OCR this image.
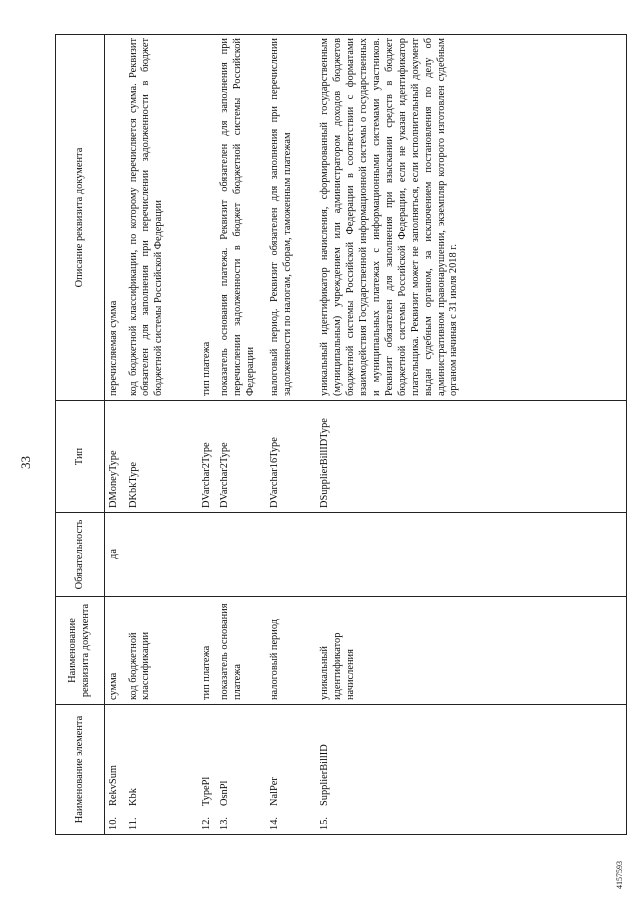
33
Наименование элемента	Наименование реквизита документа	Обязательность	Тип	Описание реквизита документа
10.RekvSum	сумма	да	DMoneyType	перечисляемая сумма
11.Kbk	код бюджетной классификации		DKbkType	код бюджетной классификации, по которому перечисляется сумма. Реквизит обязателен для заполнения при перечислении задолженности в бюджет бюджетной системы Российской Федерации
12.TypePl	тип платежа		DVarchar2Type	тип платежа
13.OsnPl	показатель основания платежа		DVarchar2Type	показатель основания платежа. Реквизит обязателен для заполнения при перечислении задолженности в бюджет бюджетной системы Российской Федерации
14.NalPer	налоговый период		DVarchar16Type	налоговый период. Реквизит обязателен для заполнения при перечислении задолженности по налогам, сборам, таможенным платежам
15.SupplierBillID	уникальный идентификатор начисления		DSupplierBillIDType	уникальный идентификатор начисления, сформированный государственным (муниципальным) учреждением или администратором доходов бюджетов бюджетной системы Российской Федерации в соответствии с форматами взаимодействия Государственной информационной системы о государственных и муниципальных платежах с информационными системами участников. Реквизит обязателен для заполнения при взыскании средств в бюджет бюджетной системы Российской Федерации, если не указан идентификатор плательщика. Реквизит может не заполняться, если исполнительный документ выдан судебным органом, за исключением постановления по делу об административном правонарушении, экземпляр которого изготовлен судебным органом начиная с 31 июля 2018 г.
4157593
